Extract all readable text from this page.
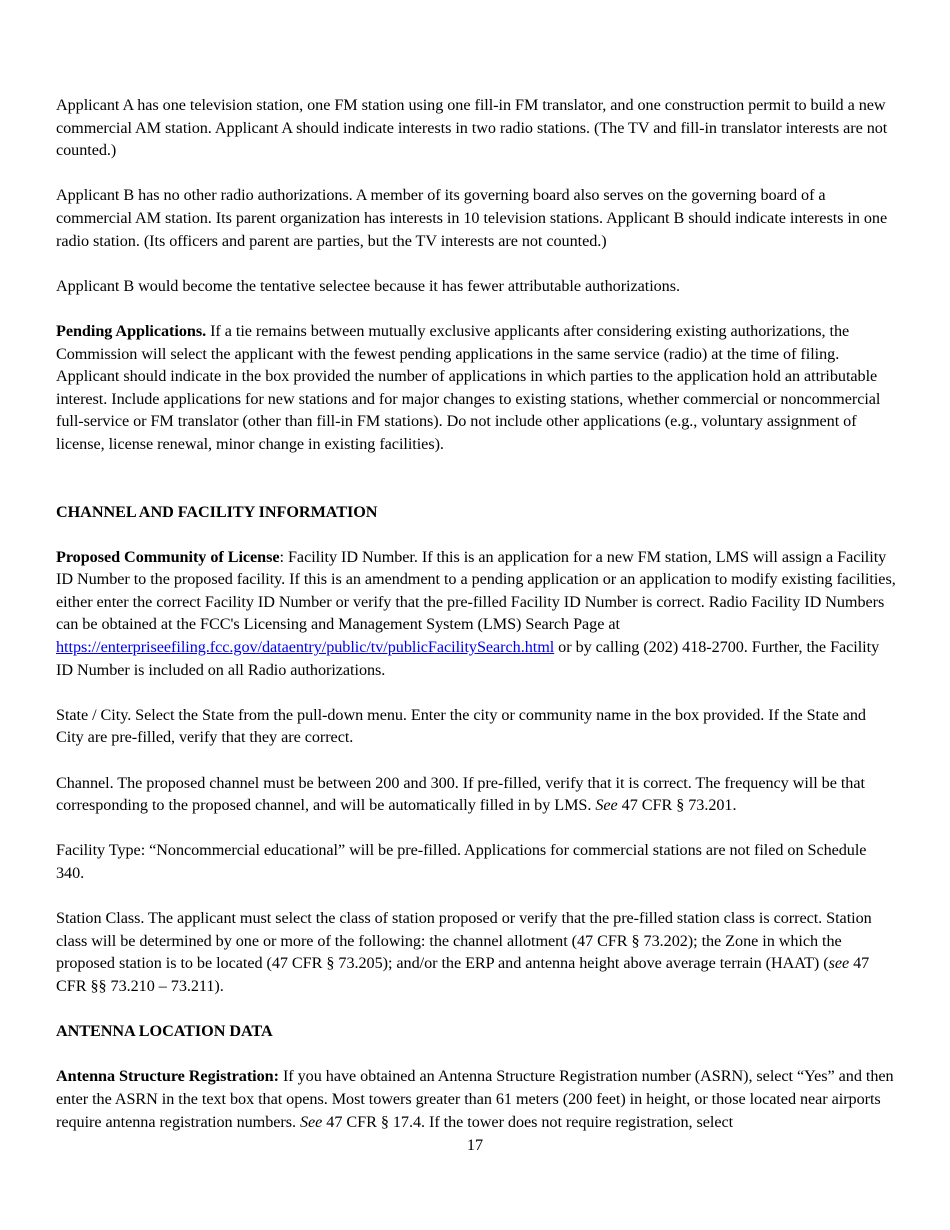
Applicant A has one television station, one FM station using one fill-in FM translator, and one construction permit to build a new commercial AM station. Applicant A should indicate interests in two radio stations. (The TV and fill-in translator interests are not counted.)

Applicant B has no other radio authorizations. A member of its governing board also serves on the governing board of a commercial AM station. Its parent organization has interests in 10 television stations. Applicant B should indicate interests in one radio station. (Its officers and parent are parties, but the TV interests are not counted.)

Applicant B would become the tentative selectee because it has fewer attributable authorizations.

Pending Applications. If a tie remains between mutually exclusive applicants after considering existing authorizations, the Commission will select the applicant with the fewest pending applications in the same service (radio) at the time of filing. Applicant should indicate in the box provided the number of applications in which parties to the application hold an attributable interest. Include applications for new stations and for major changes to existing stations, whether commercial or noncommercial full-service or FM translator (other than fill-in FM stations). Do not include other applications (e.g., voluntary assignment of license, license renewal, minor change in existing facilities).

CHANNEL AND FACILITY INFORMATION

Proposed Community of License: Facility ID Number. If this is an application for a new FM station, LMS will assign a Facility ID Number to the proposed facility. If this is an amendment to a pending application or an application to modify existing facilities, either enter the correct Facility ID Number or verify that the pre-filled Facility ID Number is correct. Radio Facility ID Numbers can be obtained at the FCC's Licensing and Management System (LMS) Search Page at https://enterpriseefiling.fcc.gov/dataentry/public/tv/publicFacilitySearch.html or by calling (202) 418-2700. Further, the Facility ID Number is included on all Radio authorizations.

State / City. Select the State from the pull-down menu. Enter the city or community name in the box provided. If the State and City are pre-filled, verify that they are correct.

Channel. The proposed channel must be between 200 and 300. If pre-filled, verify that it is correct. The frequency will be that corresponding to the proposed channel, and will be automatically filled in by LMS. See 47 CFR § 73.201.

Facility Type: “Noncommercial educational” will be pre-filled. Applications for commercial stations are not filed on Schedule 340.

Station Class. The applicant must select the class of station proposed or verify that the pre-filled station class is correct. Station class will be determined by one or more of the following: the channel allotment (47 CFR § 73.202); the Zone in which the proposed station is to be located (47 CFR § 73.205); and/or the ERP and antenna height above average terrain (HAAT) (see 47 CFR §§ 73.210 – 73.211).

ANTENNA LOCATION DATA

Antenna Structure Registration: If you have obtained an Antenna Structure Registration number (ASRN), select “Yes” and then enter the ASRN in the text box that opens. Most towers greater than 61 meters (200 feet) in height, or those located near airports require antenna registration numbers. See 47 CFR § 17.4. If the tower does not require registration, select

17
